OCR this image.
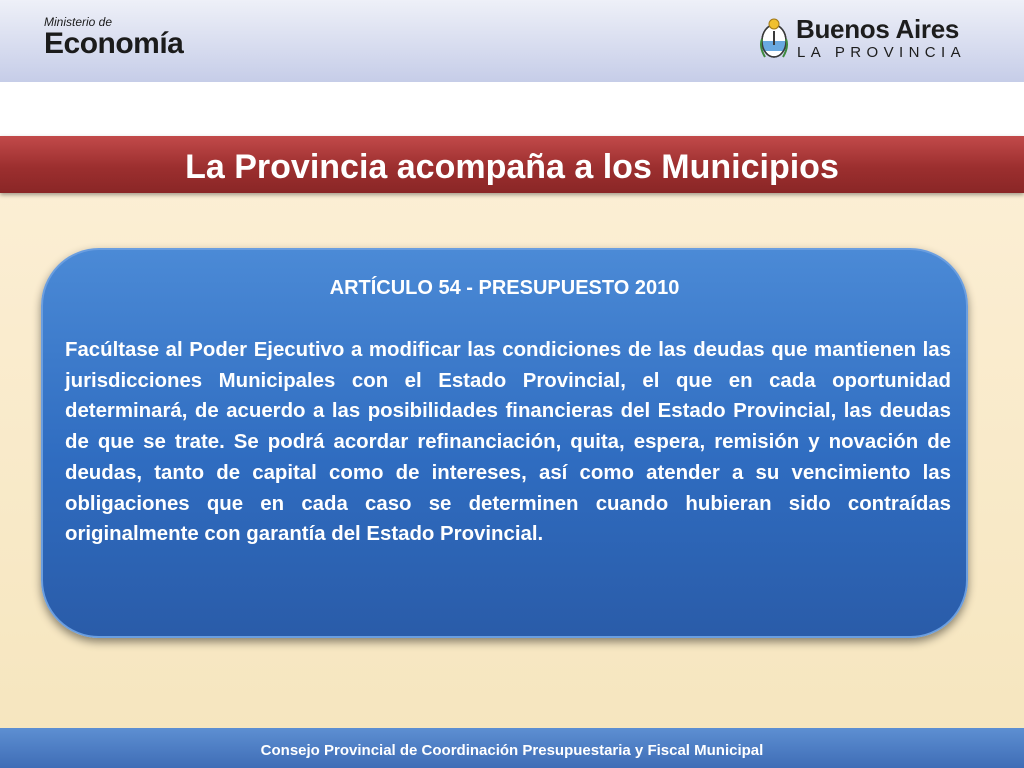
Ministerio de
Economía	Buenos Aires
LA PROVINCIA
La Provincia acompaña a los Municipios
ARTÍCULO 54 - PRESUPUESTO 2010

Facúltase al Poder Ejecutivo a modificar las condiciones de las deudas que mantienen las jurisdicciones Municipales con el Estado Provincial, el que en cada oportunidad determinará, de acuerdo a las posibilidades financieras del Estado Provincial, las deudas de que se trate. Se podrá acordar refinanciación, quita, espera, remisión y novación de deudas, tanto de capital como de intereses, así como atender a su vencimiento las obligaciones que en cada caso se determinen cuando hubieran sido contraídas originalmente con garantía del Estado Provincial.

Consejo Provincial de Coordinación Presupuestaria y Fiscal Municipal
